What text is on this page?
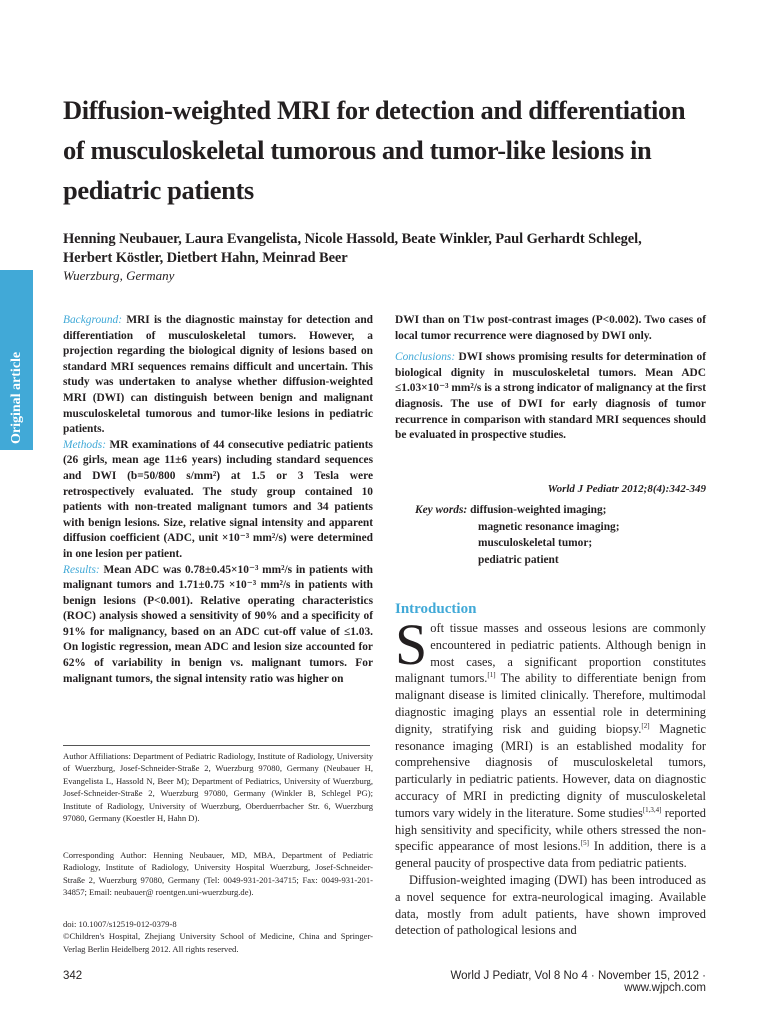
Original article
Diffusion-weighted MRI for detection and differentiation
of musculoskeletal tumorous and tumor-like lesions in
pediatric patients
Henning Neubauer, Laura Evangelista, Nicole Hassold, Beate Winkler, Paul Gerhardt Schlegel,
Herbert Köstler, Dietbert Hahn, Meinrad Beer
Wuerzburg, Germany

Background: MRI is the diagnostic mainstay for detection and differentiation of musculoskeletal tumors. However, a projection regarding the biological dignity of lesions based on standard MRI sequences remains difficult and uncertain. This study was undertaken to analyse whether diffusion-weighted MRI (DWI) can distinguish between benign and malignant musculoskeletal tumorous and tumor-like lesions in pediatric patients.

Methods: MR examinations of 44 consecutive pediatric patients (26 girls, mean age 11±6 years) including standard sequences and DWI (b=50/800 s/mm²) at 1.5 or 3 Tesla were retrospectively evaluated. The study group contained 10 patients with non-treated malignant tumors and 34 patients with benign lesions. Size, relative signal intensity and apparent diffusion coefficient (ADC, unit ×10⁻³ mm²/s) were determined in one lesion per patient.

Results: Mean ADC was 0.78±0.45×10⁻³ mm²/s in patients with malignant tumors and 1.71±0.75 ×10⁻³ mm²/s in patients with benign lesions (P<0.001). Relative operating characteristics (ROC) analysis showed a sensitivity of 90% and a specificity of 91% for malignancy, based on an ADC cut-off value of ≤1.03. On logistic regression, mean ADC and lesion size accounted for 62% of variability in benign vs. malignant tumors. For malignant tumors, the signal intensity ratio was higher on

DWI than on T1w post-contrast images (P<0.002). Two cases of local tumor recurrence were diagnosed by DWI only.

Conclusions: DWI shows promising results for determination of biological dignity in musculoskeletal tumors. Mean ADC ≤1.03×10⁻³ mm²/s is a strong indicator of malignancy at the first diagnosis. The use of DWI for early diagnosis of tumor recurrence in comparison with standard MRI sequences should be evaluated in prospective studies.

World J Pediatr 2012;8(4):342-349
Key words: diffusion-weighted imaging;
magnetic resonance imaging;
musculoskeletal tumor;
pediatric patient
Introduction

Soft tissue masses and osseous lesions are commonly encountered in pediatric patients. Although benign in most cases, a significant proportion constitutes malignant tumors.[1] The ability to differentiate benign from malignant disease is limited clinically. Therefore, multimodal diagnostic imaging plays an essential role in determining dignity, stratifying risk and guiding biopsy.[2] Magnetic resonance imaging (MRI) is an established modality for comprehensive diagnosis of musculoskeletal tumors, particularly in pediatric patients. However, data on diagnostic accuracy of MRI in predicting dignity of musculoskeletal tumors vary widely in the literature. Some studies[1,3,4] reported high sensitivity and specificity, while others stressed the non-specific appearance of most lesions.[5] In addition, there is a general paucity of prospective data from pediatric patients.

Diffusion-weighted imaging (DWI) has been introduced as a novel sequence for extra-neurological imaging. Available data, mostly from adult patients, have shown improved detection of pathological lesions and

Author Affiliations: Department of Pediatric Radiology, Institute of Radiology, University of Wuerzburg, Josef-Schneider-Straße 2, Wuerzburg 97080, Germany (Neubauer H, Evangelista L, Hassold N, Beer M); Department of Pediatrics, University of Wuerzburg, Josef-Schneider-Straße 2, Wuerzburg 97080, Germany (Winkler B, Schlegel PG); Institute of Radiology, University of Wuerzburg, Oberduerrbacher Str. 6, Wuerzburg 97080, Germany (Koestler H, Hahn D).

Corresponding Author: Henning Neubauer, MD, MBA, Department of Pediatric Radiology, Institute of Radiology, University Hospital Wuerzburg, Josef-Schneider-Straße 2, Wuerzburg 97080, Germany (Tel: 0049-931-201-34715; Fax: 0049-931-201-34857; Email: neubauer@ roentgen.uni-wuerzburg.de).

doi: 10.1007/s12519-012-0379-8

©Children's Hospital, Zhejiang University School of Medicine, China and Springer-Verlag Berlin Heidelberg 2012. All rights reserved.

342	World J Pediatr, Vol 8 No 4 · November 15, 2012 · www.wjpch.com
